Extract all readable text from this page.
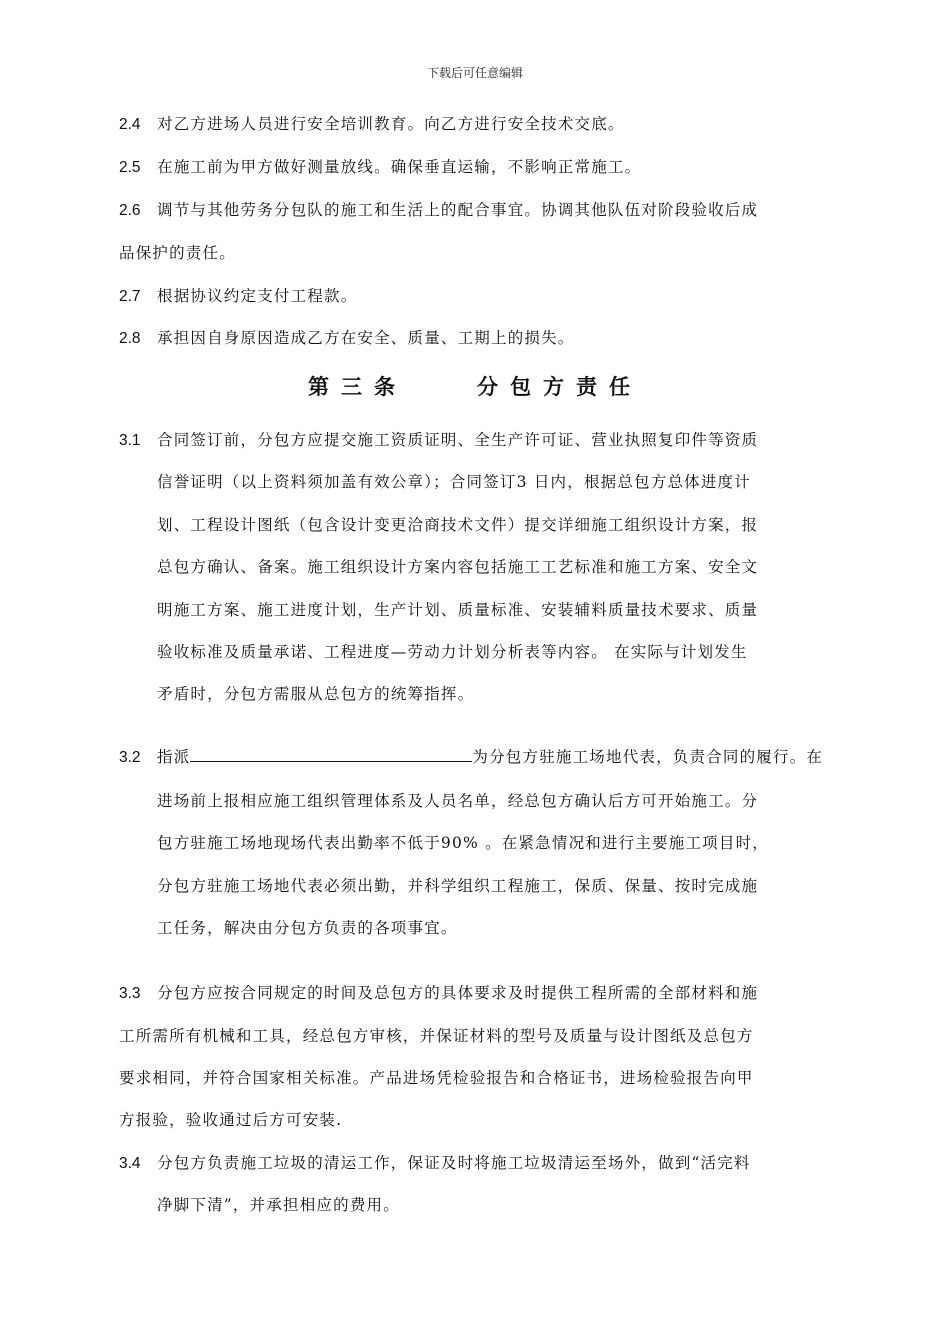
下载后可任意编辑
2.4 对乙方进场人员进行安全培训教育。向乙方进行安全技术交底。
2.5 在施工前为甲方做好测量放线。确保垂直运输，不影响正常施工。
2.6 调节与其他劳务分包队的施工和生活上的配合事宜。协调其他队伍对阶段验收后成
品保护的责任。
2.7 根据协议约定支付工程款。
2.8 承担因自身原因造成乙方在安全、质量、工期上的损失。
第三条	分包方责任
3.1 合同签订前，分包方应提交施工资质证明、全生产许可证、营业执照复印件等资质
信誉证明（以上资料须加盖有效公章）；合同签订3 日内，根据总包方总体进度计
划、工程设计图纸（包含设计变更洽商技术文件）提交详细施工组织设计方案，报
总包方确认、备案。施工组织设计方案内容包括施工工艺标准和施工方案、安全文
明施工方案、施工进度计划，生产计划、质量标准、安装辅料质量技术要求、质量
验收标准及质量承诺、工程进度—劳动力计划分析表等内容。 在实际与计划发生
矛盾时，分包方需服从总包方的统筹指挥。
3.2 指派	为分包方驻施工场地代表，负责合同的履行。在
进场前上报相应施工组织管理体系及人员名单，经总包方确认后方可开始施工。分
包方驻施工场地现场代表出勤率不低于90% 。在紧急情况和进行主要施工项目时，
分包方驻施工场地代表必须出勤，并科学组织工程施工，保质、保量、按时完成施
工任务，解决由分包方负责的各项事宜。
3.3 分包方应按合同规定的时间及总包方的具体要求及时提供工程所需的全部材料和施
工所需所有机械和工具，经总包方审核，并保证材料的型号及质量与设计图纸及总包方
要求相同，并符合国家相关标准。产品进场凭检验报告和合格证书，进场检验报告向甲
方报验，验收通过后方可安装.
3.4 分包方负责施工垃圾的清运工作，保证及时将施工垃圾清运至场外，做到“活完料
净脚下清”，并承担相应的费用。
